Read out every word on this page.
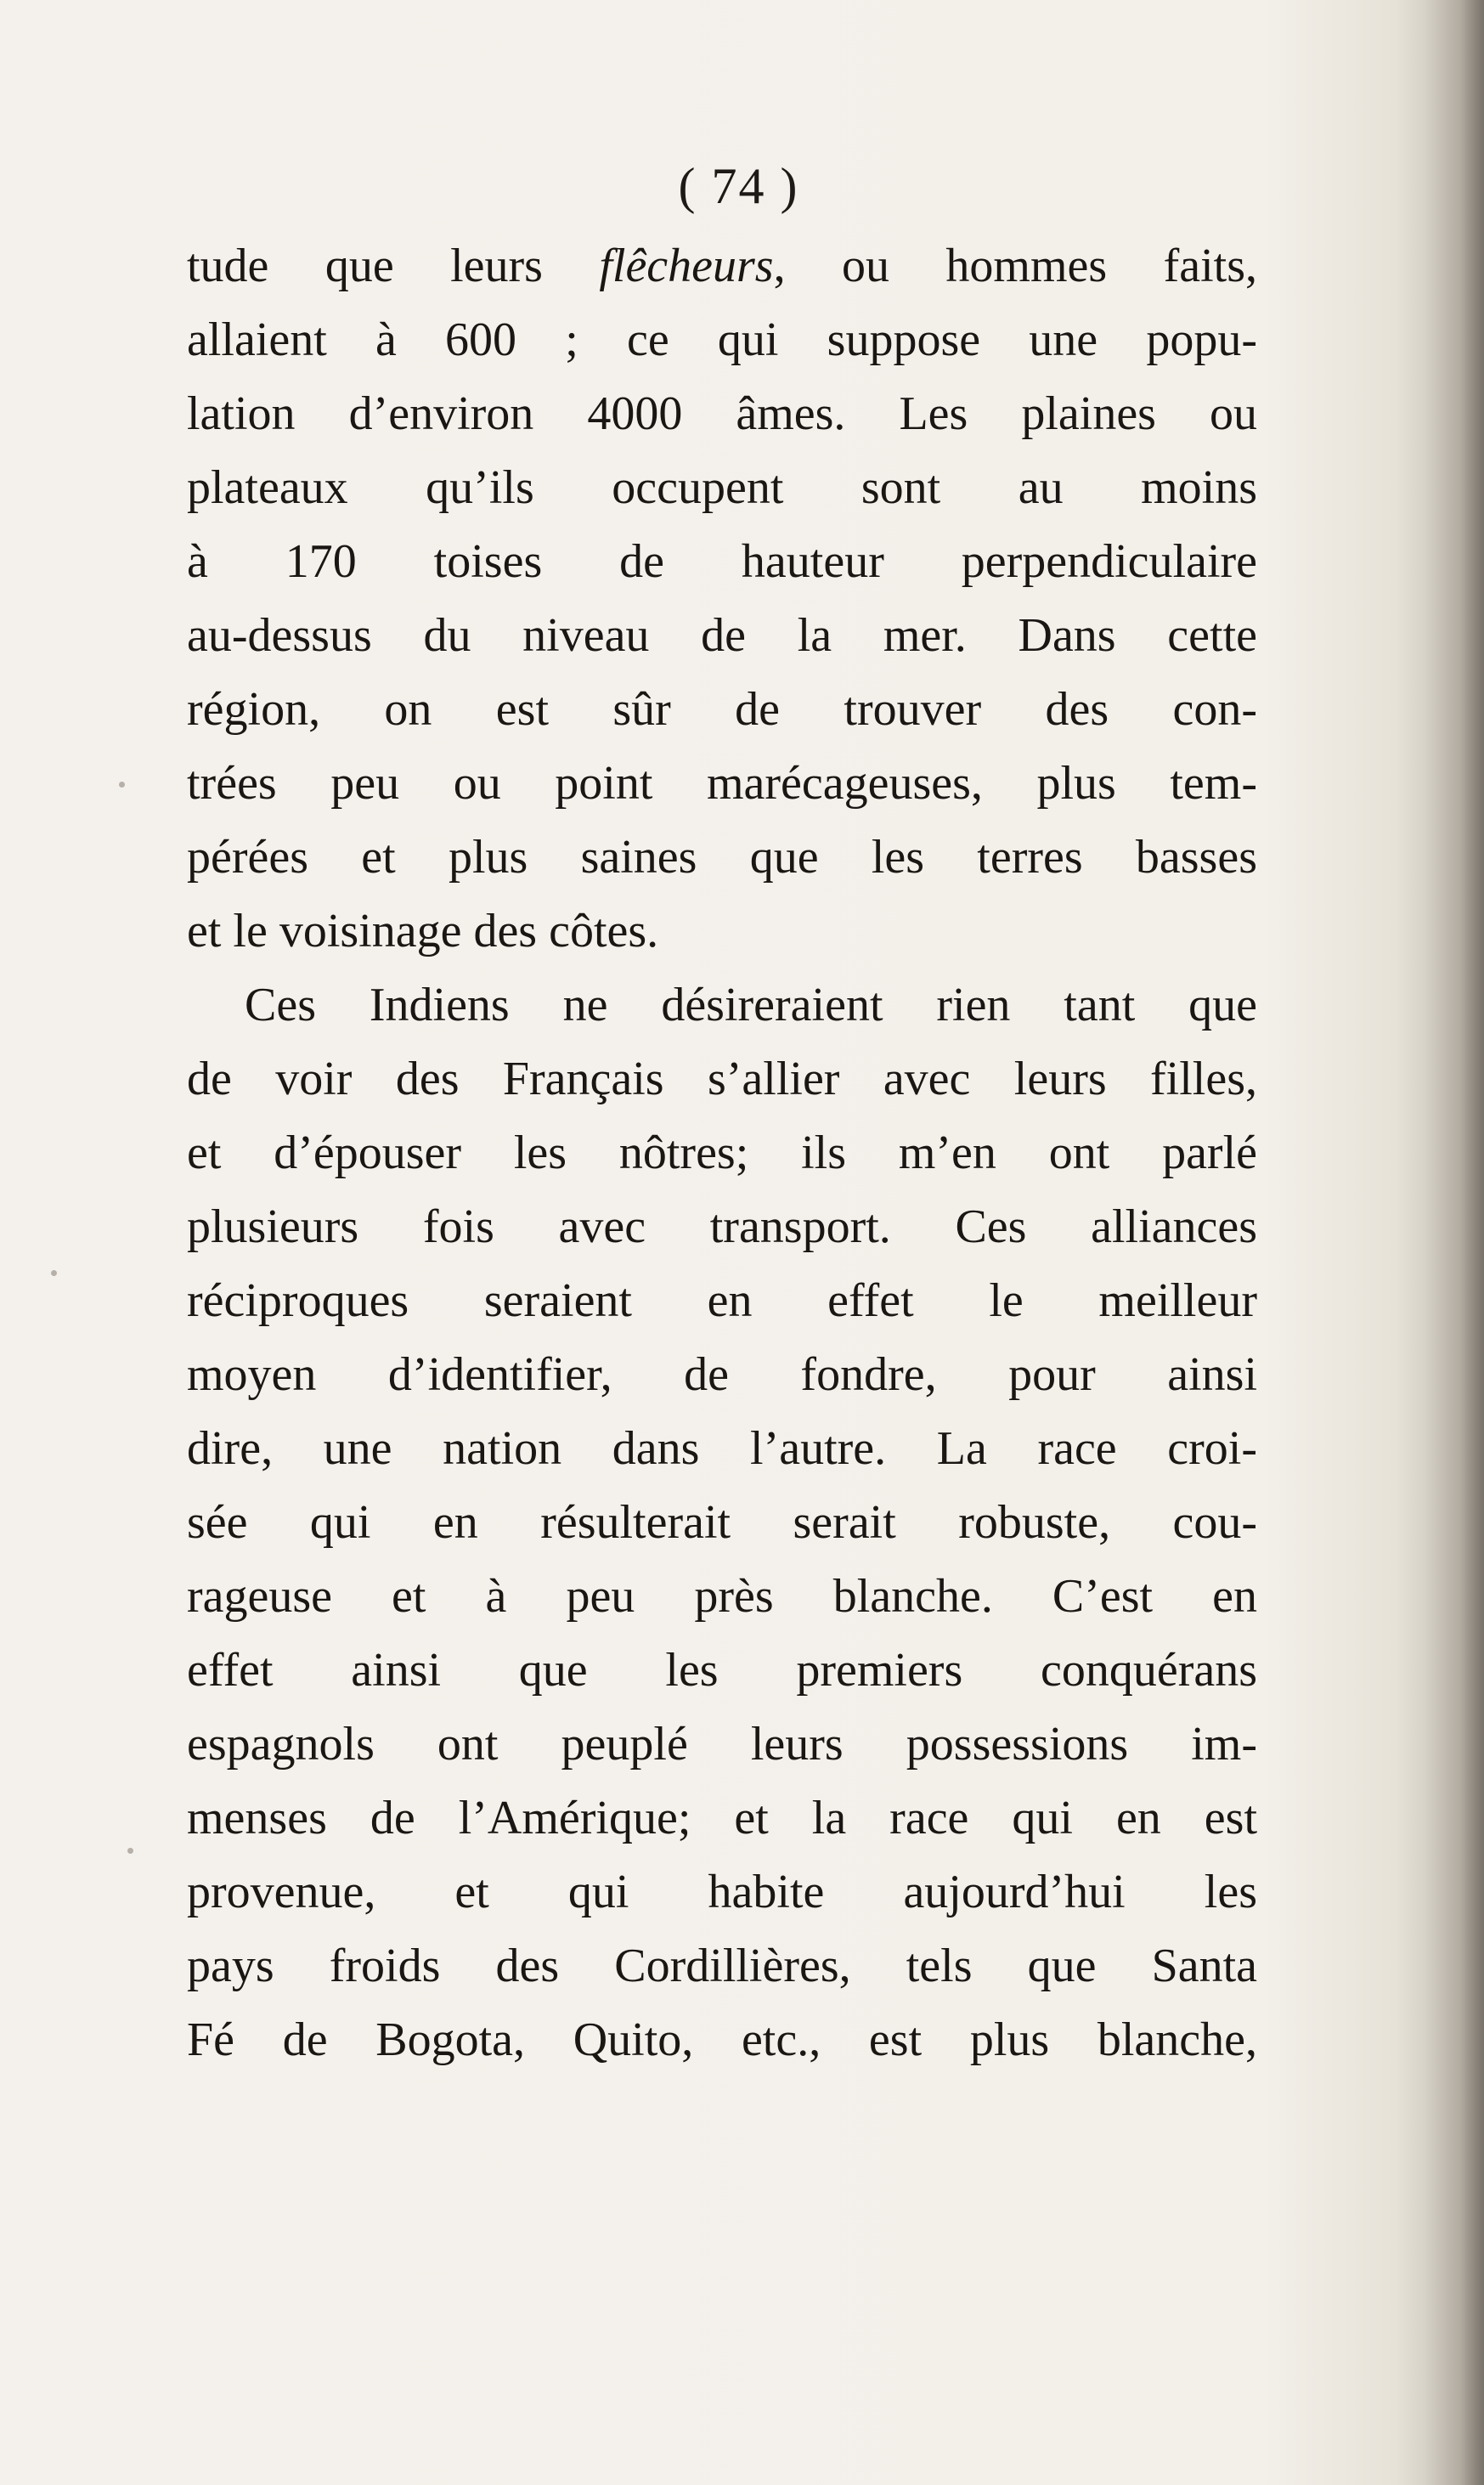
( 74 )
tude que leurs flêcheurs, ou hommes faits,
allaient à 600 ; ce qui suppose une popu-
lation d’environ 4000 âmes. Les plaines ou
plateaux qu’ils occupent sont au moins
à 170 toises de hauteur perpendiculaire
au-dessus du niveau de la mer. Dans cette
région, on est sûr de trouver des con-
trées peu ou point marécageuses, plus tem-
pérées et plus saines que les terres basses
et le voisinage des côtes.
Ces Indiens ne désireraient rien tant que
de voir des Français s’allier avec leurs filles,
et d’épouser les nôtres; ils m’en ont parlé
plusieurs fois avec transport. Ces alliances
réciproques seraient en effet le meilleur
moyen d’identifier, de fondre, pour ainsi
dire, une nation dans l’autre. La race croi-
sée qui en résulterait serait robuste, cou-
rageuse et à peu près blanche. C’est en
effet ainsi que les premiers conquérans
espagnols ont peuplé leurs possessions im-
menses de l’Amérique; et la race qui en est
provenue, et qui habite aujourd’hui les
pays froids des Cordillières, tels que Santa
Fé de Bogota, Quito, etc., est plus blanche,
